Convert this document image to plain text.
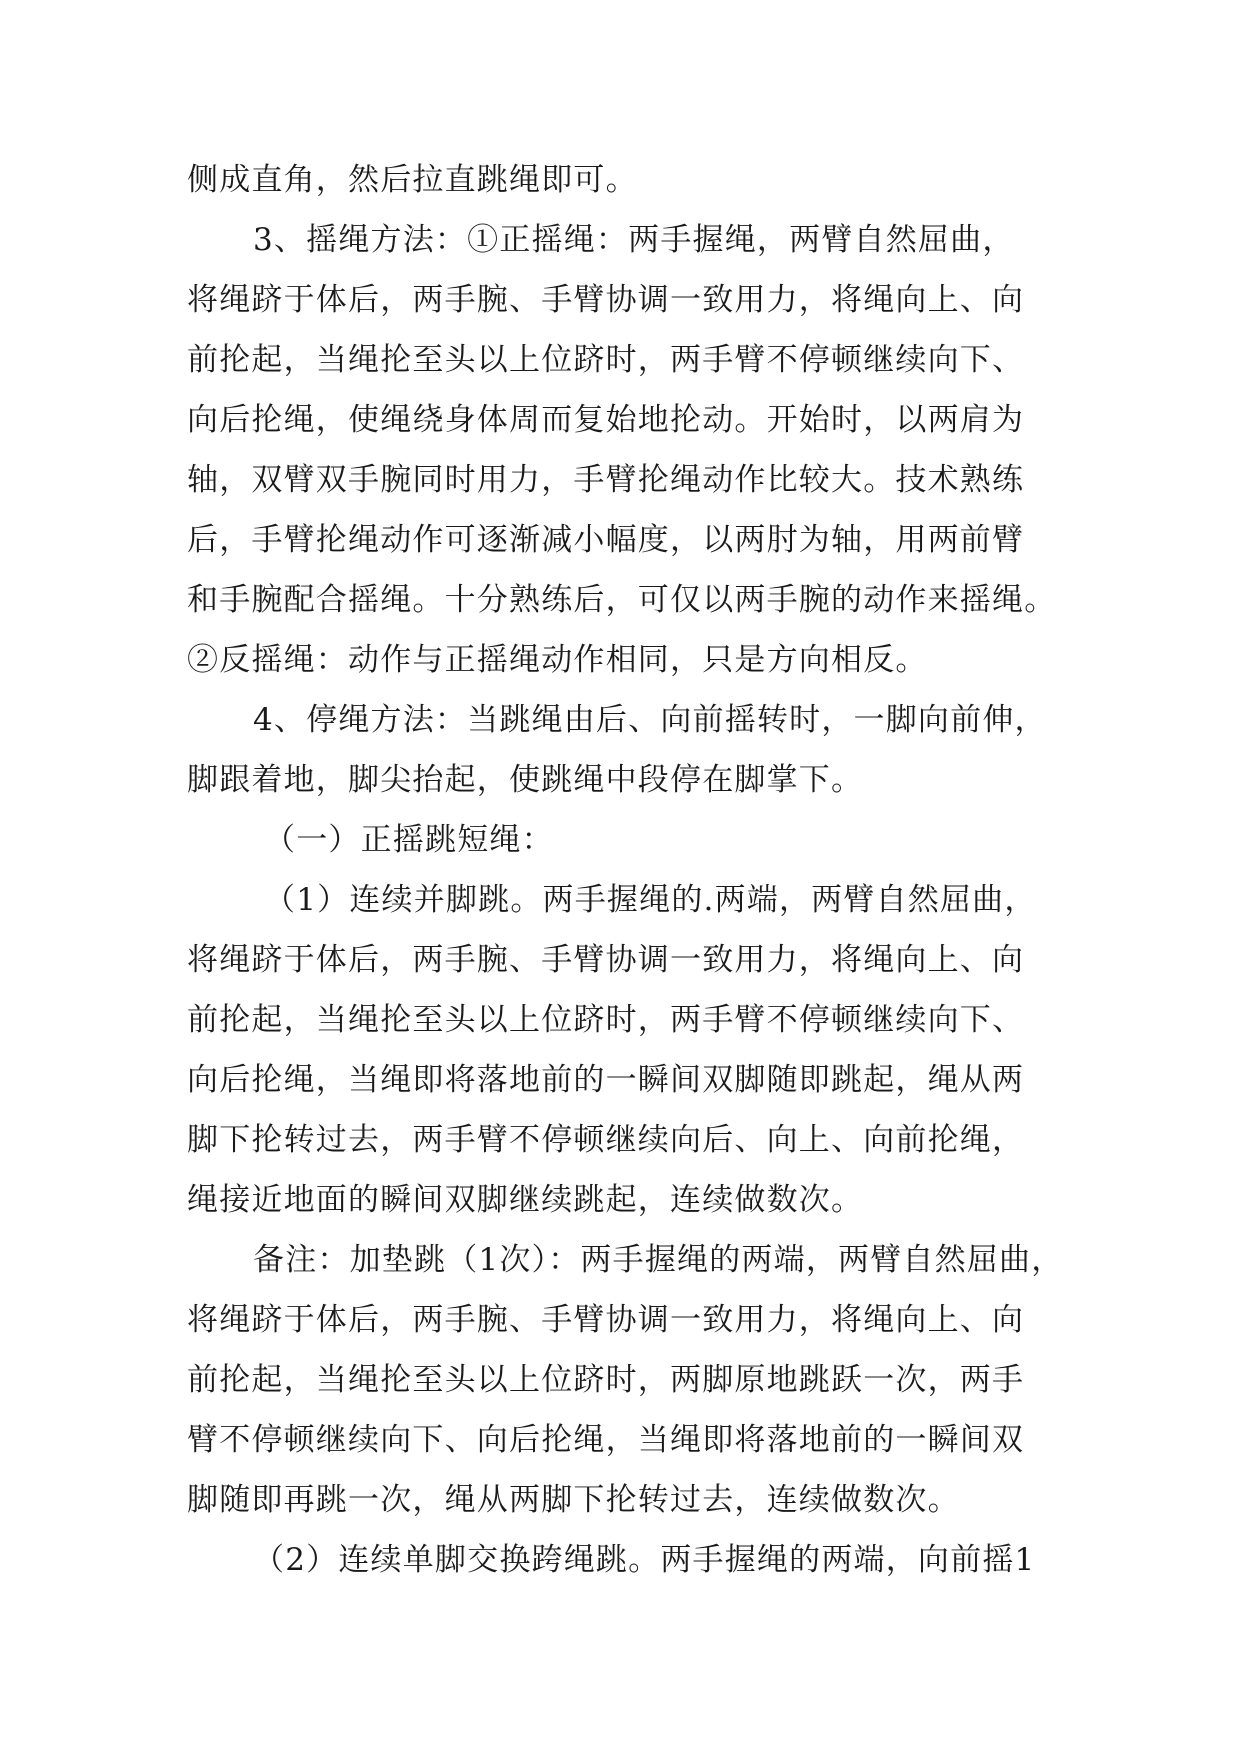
侧成直角，然后拉直跳绳即可。
3、摇绳方法：①正摇绳：两手握绳，两臂自然屈曲，
将绳跻于体后，两手腕、手臂协调一致用力，将绳向上、向
前抡起，当绳抡至头以上位跻时，两手臂不停顿继续向下、
向后抡绳，使绳绕身体周而复始地抡动。开始时，以两肩为
轴，双臂双手腕同时用力，手臂抡绳动作比较大。技术熟练
后，手臂抡绳动作可逐渐减小幅度，以两肘为轴，用两前臂
和手腕配合摇绳。十分熟练后，可仅以两手腕的动作来摇绳。
②反摇绳：动作与正摇绳动作相同，只是方向相反。
4、停绳方法：当跳绳由后、向前摇转时，一脚向前伸，
脚跟着地，脚尖抬起，使跳绳中段停在脚掌下。
（一）正摇跳短绳：
（1）连续并脚跳。两手握绳的.两端，两臂自然屈曲，
将绳跻于体后，两手腕、手臂协调一致用力，将绳向上、向
前抡起，当绳抡至头以上位跻时，两手臂不停顿继续向下、
向后抡绳，当绳即将落地前的一瞬间双脚随即跳起，绳从两
脚下抡转过去，两手臂不停顿继续向后、向上、向前抡绳，
绳接近地面的瞬间双脚继续跳起，连续做数次。
备注：加垫跳（1次）：两手握绳的两端，两臂自然屈曲，
将绳跻于体后，两手腕、手臂协调一致用力，将绳向上、向
前抡起，当绳抡至头以上位跻时，两脚原地跳跃一次，两手
臂不停顿继续向下、向后抡绳，当绳即将落地前的一瞬间双
脚随即再跳一次，绳从两脚下抡转过去，连续做数次。
（2）连续单脚交换跨绳跳。两手握绳的两端，向前摇1
